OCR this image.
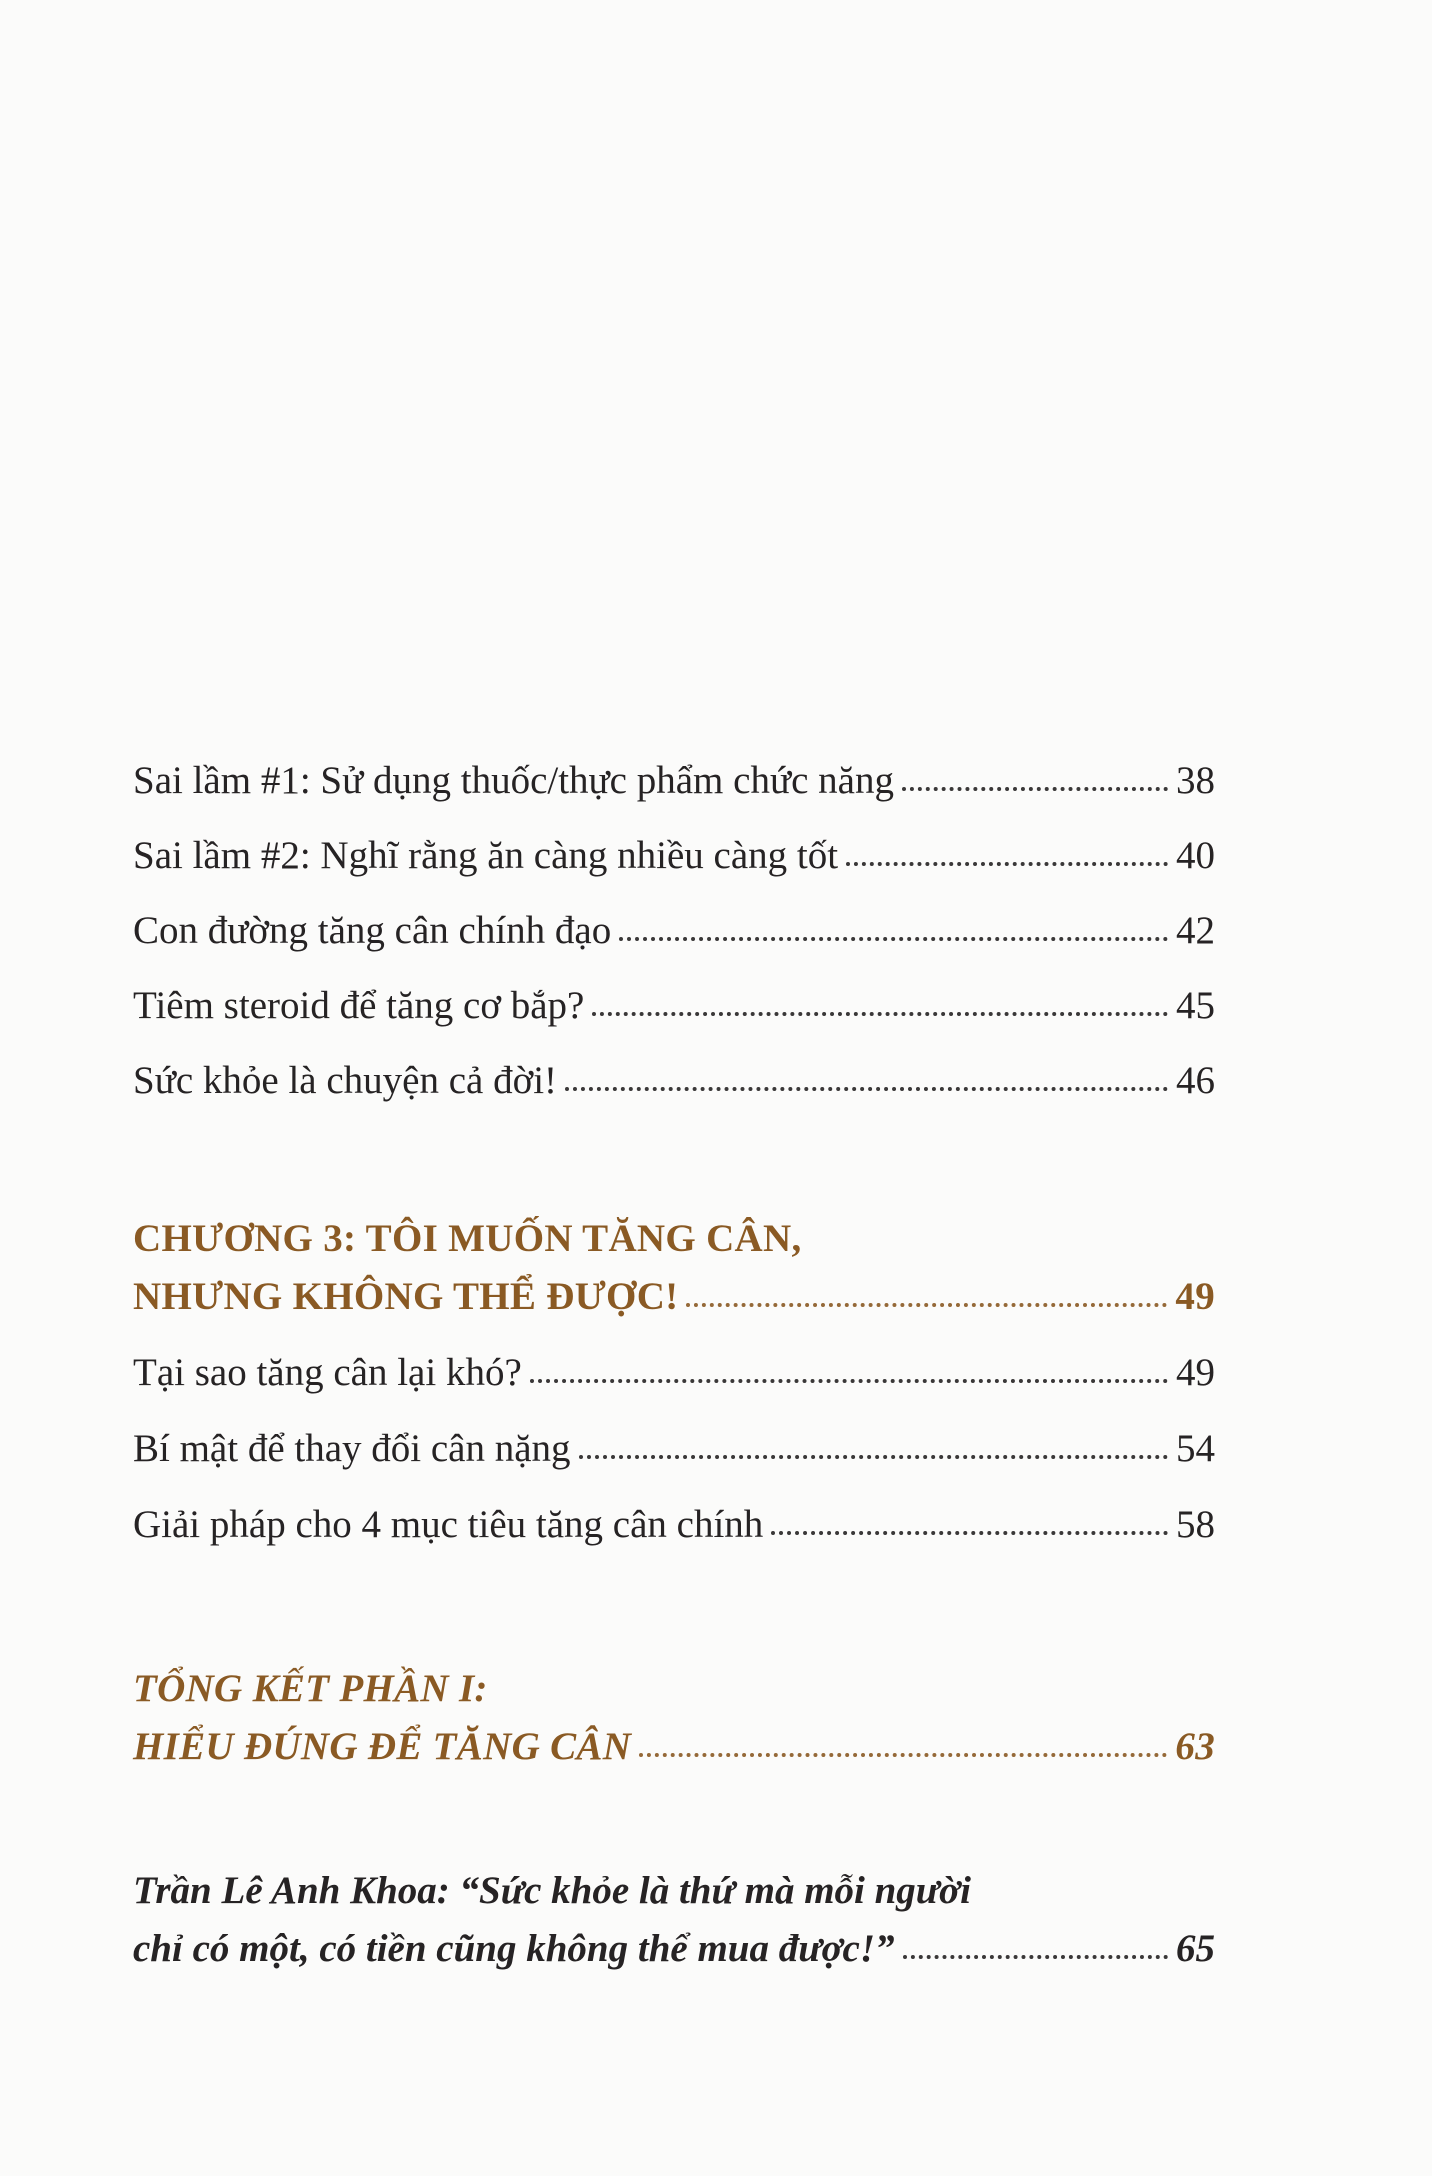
Sai lầm #1: Sử dụng thuốc/thực phẩm chức năng	38
Sai lầm #2: Nghĩ rằng ăn càng nhiều càng tốt	40
Con đường tăng cân chính đạo	42
Tiêm steroid để tăng cơ bắp?	45
Sức khỏe là chuyện cả đời!	46
CHƯƠNG 3: TÔI MUỐN TĂNG CÂN,
NHƯNG KHÔNG THỂ ĐƯỢC!	49
Tại sao tăng cân lại khó?	49
Bí mật để thay đổi cân nặng	54
Giải pháp cho 4 mục tiêu tăng cân chính	58
TỔNG KẾT PHẦN I:
HIỂU ĐÚNG ĐỂ TĂNG CÂN	63
Trần Lê Anh Khoa: “Sức khỏe là thứ mà mỗi người
chỉ có một, có tiền cũng không thể mua được!”	65
